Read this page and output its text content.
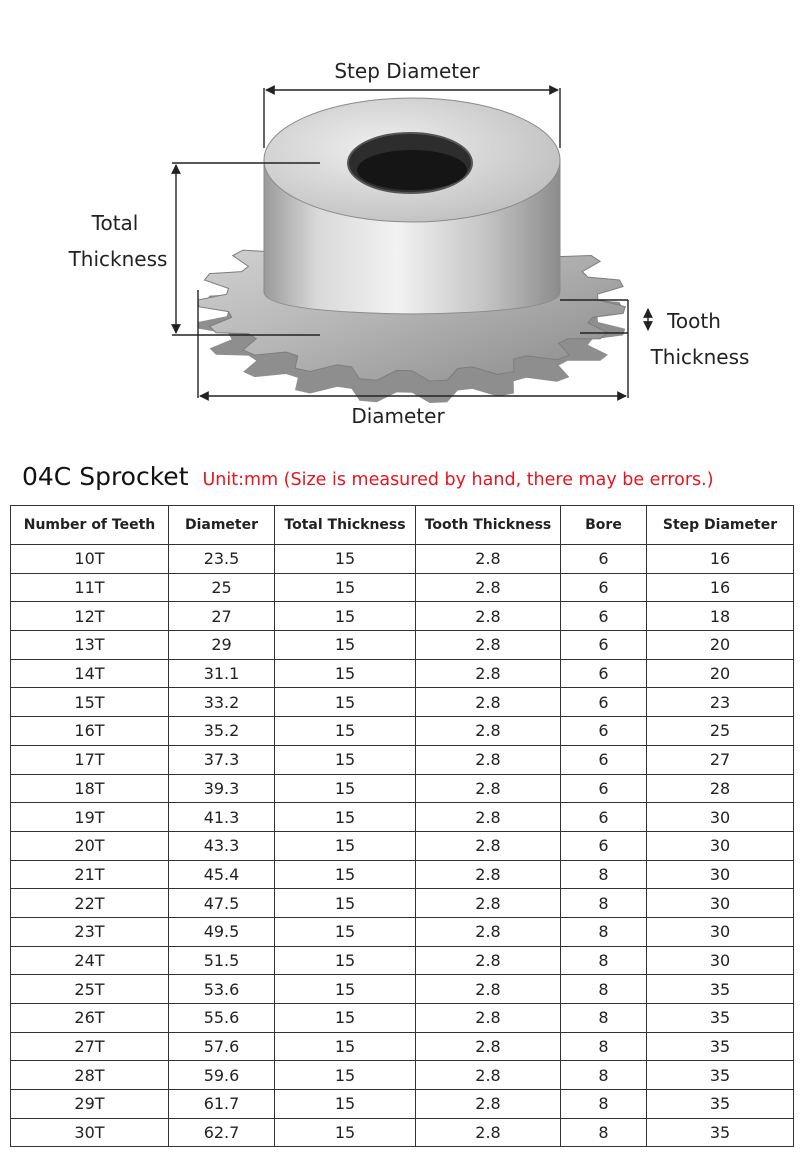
Step Diameter
Total
Thickness
Tooth
Thickness
Diameter
04C Sprocket Unit:mm (Size is measured by hand, there may be errors.)
Number of Teeth	Diameter	Total Thickness	Tooth Thickness	Bore	Step Diameter
10T	23.5	15	2.8	6	16
11T	25	15	2.8	6	16
12T	27	15	2.8	6	18
13T	29	15	2.8	6	20
14T	31.1	15	2.8	6	20
15T	33.2	15	2.8	6	23
16T	35.2	15	2.8	6	25
17T	37.3	15	2.8	6	27
18T	39.3	15	2.8	6	28
19T	41.3	15	2.8	6	30
20T	43.3	15	2.8	6	30
21T	45.4	15	2.8	8	30
22T	47.5	15	2.8	8	30
23T	49.5	15	2.8	8	30
24T	51.5	15	2.8	8	30
25T	53.6	15	2.8	8	35
26T	55.6	15	2.8	8	35
27T	57.6	15	2.8	8	35
28T	59.6	15	2.8	8	35
29T	61.7	15	2.8	8	35
30T	62.7	15	2.8	8	35
